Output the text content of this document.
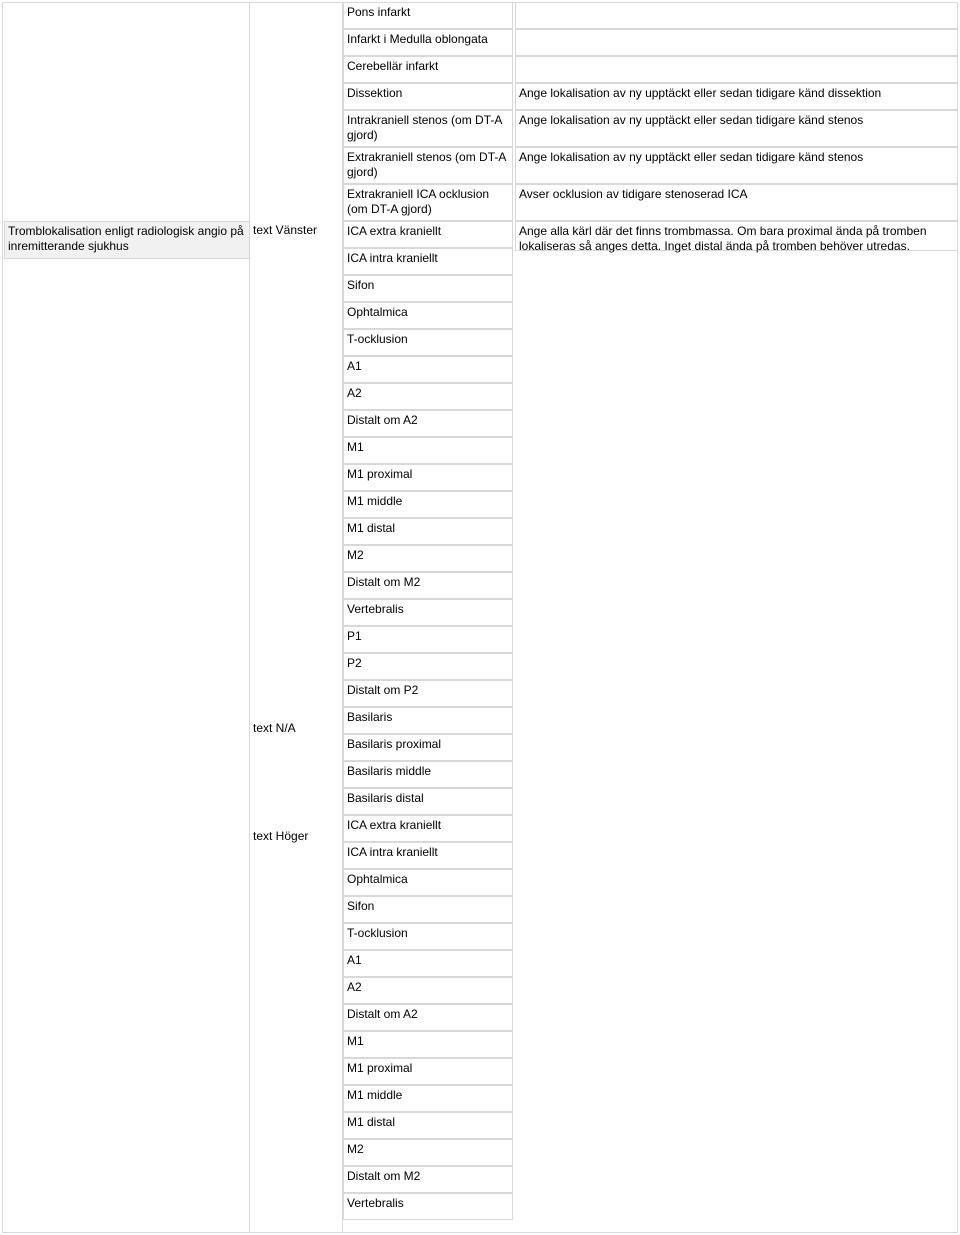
Tromblokalisation enligt radiologisk angio på inremitterande sjukhus
text Vänster
text N/A
text Höger
Pons infarkt
Infarkt i Medulla oblongata
Cerebellär infarkt
Dissektion	Ange lokalisation av ny upptäckt eller sedan tidigare känd dissektion
Intrakraniell stenos (om DT-A gjord)
Ange lokalisation av ny upptäckt eller sedan tidigare känd stenos
Extrakraniell stenos (om DT-A gjord)
Ange lokalisation av ny upptäckt eller sedan tidigare känd stenos
Extrakraniell ICA ocklusion (om DT-A gjord)
Avser ocklusion av tidigare stenoserad ICA
ICA extra kraniellt	Ange alla kärl där det finns trombmassa. Om bara proximal ända på tromben lokaliseras så anges detta. Inget distal ända på tromben behöver utredas.
ICA intra kraniellt
Sifon
Ophtalmica
T-ocklusion
A1
A2
Distalt om A2
M1
M1 proximal
M1 middle
M1 distal
M2
Distalt om M2
Vertebralis
P1
P2
Distalt om P2
Basilaris
Basilaris proximal
Basilaris middle
Basilaris distal
ICA extra kraniellt
ICA intra kraniellt
Ophtalmica
Sifon
T-ocklusion
A1
A2
Distalt om A2
M1
M1 proximal
M1 middle
M1 distal
M2
Distalt om M2
Vertebralis
